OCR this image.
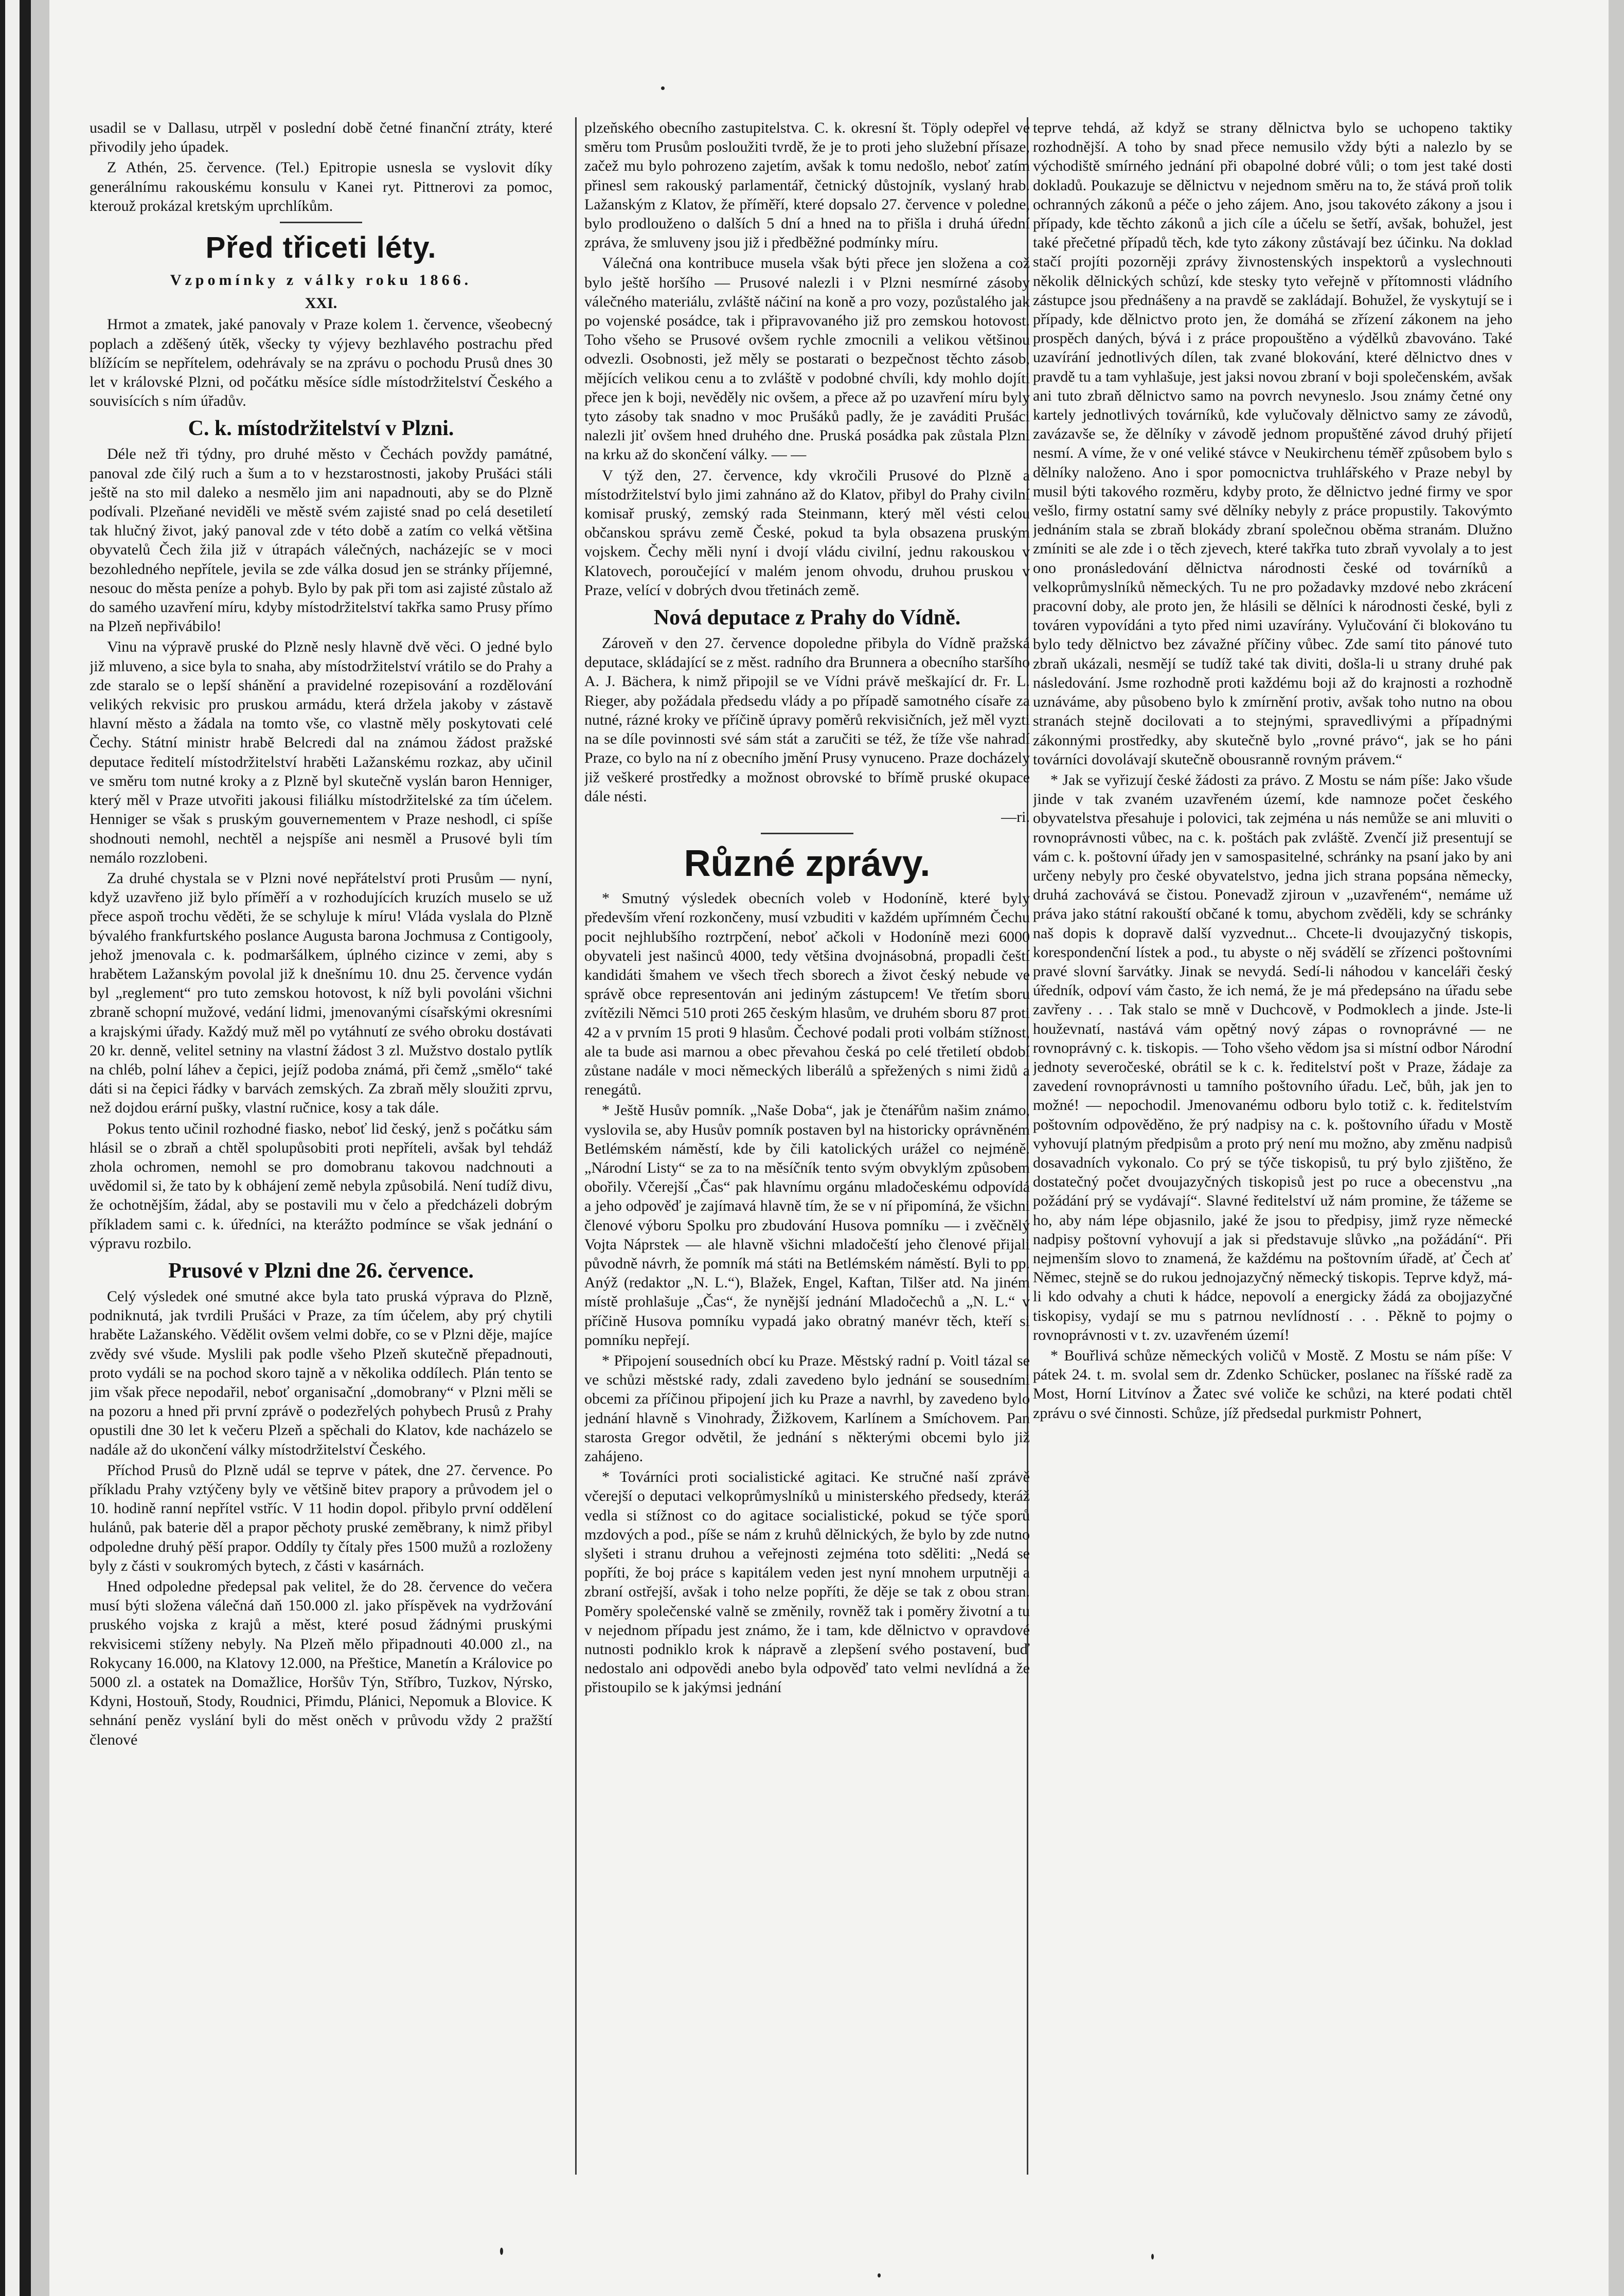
usadil se v Dallasu, utrpěl v poslední době četné finanční ztráty, které přivodily jeho úpadek.

Z Athén, 25. července. (Tel.) Epitropie usnesla se vyslovit díky generálnímu rakouskému konsulu v Kanei ryt. Pittnerovi za pomoc, kterouž prokázal kretským uprchlíkům.

Před třiceti léty.

Vzpomínky z války roku 1866.

XXI.

Hrmot a zmatek, jaké panovaly v Praze kolem 1. července, všeobecný poplach a zděšený útěk, všecky ty výjevy bezhlavého postrachu před blížícím se nepřítelem, odehrávaly se na zprávu o pochodu Prusů dnes 30 let v královské Plzni, od počátku měsíce sídle místodržitelství Českého a souvisících s ním úřadův.

C. k. místodržitelství v Plzni.

Déle než tři týdny, pro druhé město v Čechách povždy památné, panoval zde čilý ruch a šum a to v hezstarostnosti, jakoby Prušáci stáli ještě na sto mil daleko a nesmělo jim ani napadnouti, aby se do Plzně podívali. Plzeňané neviděli ve městě svém zajisté snad po celá desetiletí tak hlučný život, jaký panoval zde v této době a zatím co velká většina obyvatelů Čech žila již v útrapách válečných, nacházejíc se v moci bezohledného nepřítele, jevila se zde válka dosud jen se stránky příjemné, nesouc do města peníze a pohyb. Bylo by pak při tom asi zajisté zůstalo až do samého uzavření míru, kdyby místodržitelství takřka samo Prusy přímo na Plzeň nepřivábilo!

Vinu na výpravě pruské do Plzně nesly hlavně dvě věci. O jedné bylo již mluveno, a sice byla to snaha, aby místodržitelství vrátilo se do Prahy a zde staralo se o lepší shánění a pravidelné rozepisování a rozdělování velikých rekvisic pro pruskou armádu, která držela jakoby v zástavě hlavní město a žádala na tomto vše, co vlastně měly poskytovati celé Čechy. Státní ministr hrabě Belcredi dal na známou žádost pražské deputace ředitelí místodržitelství hraběti Lažanskému rozkaz, aby učinil ve směru tom nutné kroky a z Plzně byl skutečně vyslán baron Henniger, který měl v Praze utvořiti jakousi filiálku místodržitelské za tím účelem. Henniger se však s pruským gouvernementem v Praze neshodl, ci spíše shodnouti nemohl, nechtěl a nejspíše ani nesměl a Prusové byli tím nemálo rozzlobeni.

Za druhé chystala se v Plzni nové nepřátelství proti Prusům — nyní, když uzavřeno již bylo příměří a v rozhodujících kruzích muselo se už přece aspoň trochu věděti, že se schyluje k míru! Vláda vyslala do Plzně bývalého frankfurtského poslance Augusta barona Jochmusa z Contigooly, jehož jmenovala c. k. podmaršálkem, úplného cizince v zemi, aby s hrabětem Lažanským povolal již k dnešnímu 10. dnu 25. července vydán byl „reglement“ pro tuto zemskou hotovost, k níž byli povoláni všichni zbraně schopní mužové, vedání lidmi, jmenovanými císařskými okresními a krajskými úřady. Každý muž měl po vytáhnutí ze svého obroku dostávati 20 kr. denně, velitel setniny na vlastní žádost 3 zl. Mužstvo dostalo pytlík na chléb, polní láhev a čepici, jejíž podoba známá, při čemž „smělo“ také dáti si na čepici řádky v barvách zemských. Za zbraň měly sloužiti zprvu, než dojdou erární pušky, vlastní ručnice, kosy a tak dále.

Pokus tento učinil rozhodné fiasko, neboť lid český, jenž s počátku sám hlásil se o zbraň a chtěl spolupůsobiti proti nepříteli, avšak byl tehdáž zhola ochromen, nemohl se pro domobranu takovou nadchnouti a uvědomil si, že tato by k obhájení země nebyla způsobilá. Není tudíž divu, že ochotnějším, žádal, aby se postavili mu v čelo a předcházeli dobrým příkladem sami c. k. úředníci, na kterážto podmínce se však jednání o výpravu rozbilo.

Prusové v Plzni dne 26. července.

Celý výsledek oné smutné akce byla tato pruská výprava do Plzně, podniknutá, jak tvrdili Prušáci v Praze, za tím účelem, aby prý chytili hraběte Lažanského. Vědělit ovšem velmi dobře, co se v Plzni děje, majíce zvědy své všude. Myslili pak podle všeho Plzeň skutečně přepadnouti, proto vydáli se na pochod skoro tajně a v několika oddílech. Plán tento se jim však přece nepodařil, neboť organisační „domobrany“ v Plzni měli se na pozoru a hned při první zprávě o podezřelých pohybech Prusů z Prahy opustili dne 30 let k večeru Plzeň a spěchali do Klatov, kde nacházelo se nadále až do ukončení války místodržitelství Českého.

Příchod Prusů do Plzně udál se teprve v pátek, dne 27. července. Po příkladu Prahy vztýčeny byly ve většině bitev prapory a průvodem jel o 10. hodině ranní nepřítel vstříc. V 11 hodin dopol. přibylo první oddělení hulánů, pak baterie děl a prapor pěchoty pruské zeměbrany, k nimž přibyl odpoledne druhý pěší prapor. Oddíly ty čítaly přes 1500 mužů a rozloženy byly z části v soukromých bytech, z části v kasárnách.

Hned odpoledne předepsal pak velitel, že do 28. července do večera musí býti složena válečná daň 150.000 zl. jako příspěvek na vydržování pruského vojska z krajů a měst, které posud žádnými pruskými rekvisicemi stíženy nebyly. Na Plzeň mělo připadnouti 40.000 zl., na Rokycany 16.000, na Klatovy 12.000, na Přeštice, Manetín a Královice po 5000 zl. a ostatek na Domažlice, Horšův Týn, Stříbro, Tuzkov, Nýrsko, Kdyni, Hostouň, Stody, Roudnici, Přimdu, Plánici, Nepomuk a Blovice. K sehnání peněz vyslání byli do měst oněch v průvodu vždy 2 pražští členové

plzeňského obecního zastupitelstva. C. k. okresní št. Töply odepřel ve směru tom Prusům posloužiti tvrdě, že je to proti jeho služební přísaze, začež mu bylo pohrozeno zajetím, avšak k tomu nedošlo, neboť zatím přinesl sem rakouský parlamentář, četnický důstojník, vyslaný hrab. Lažanským z Klatov, že příměří, které dopsalo 27. července v poledne, bylo prodlouženo o dalších 5 dní a hned na to přišla i druhá úřední zpráva, že smluveny jsou již i předběžné podmínky míru.

Válečná ona kontribuce musela však býti přece jen složena a což bylo ještě horšího — Prusové nalezli i v Plzni nesmírné zásoby válečného materiálu, zvláště náčiní na koně a pro vozy, pozůstalého jak po vojenské posádce, tak i připravovaného již pro zemskou hotovost. Toho všeho se Prusové ovšem rychle zmocnili a velikou většinou odvezli. Osobnosti, jež měly se postarati o bezpečnost těchto zásob, mějících velikou cenu a to zvláště v podobné chvíli, kdy mohlo dojíti přece jen k boji, nevěděly nic ovšem, a přece až po uzavření míru byly tyto zásoby tak snadno v moc Prušáků padly, že je zaváditi Prušáci nalezli jiť ovšem hned druhého dne. Pruská posádka pak zůstala Plzni na krku až do skončení války. — —

V týž den, 27. července, kdy vkročili Prusové do Plzně a místodržitelství bylo jimi zahnáno až do Klatov, přibyl do Prahy civilní komisař pruský, zemský rada Steinmann, který měl vésti celou občanskou správu země České, pokud ta byla obsazena pruským vojskem. Čechy měli nyní i dvojí vládu civilní, jednu rakouskou v Klatovech, poroučející v malém jenom ohvodu, druhou pruskou v Praze, velící v dobrých dvou třetinách země.

Nová deputace z Prahy do Vídně.

Zároveň v den 27. července dopoledne přibyla do Vídně pražská deputace, skládající se z měst. radního dra Brunnera a obecního staršího A. J. Bächera, k nimž připojil se ve Vídni právě meškající dr. Fr. L. Rieger, aby požádala předsedu vlády a po případě samotného císaře za nutné, rázné kroky ve příčině úpravy poměrů rekvisičních, jež měl vyzti na se díle povinnosti své sám stát a zaručiti se též, že tíže vše nahradí Praze, co bylo na ní z obecního jmění Prusy vynuceno. Praze docházely již veškeré prostředky a možnost obrovské to břímě pruské okupace dále nésti.

—ri.

Různé zprávy.

* Smutný výsledek obecních voleb v Hodoníně, které byly především vření rozkončeny, musí vzbuditi v každém upřímném Čechu pocit nejhlubšího roztrpčení, neboť ačkoli v Hodoníně mezi 6000 obyvateli jest našinců 4000, tedy většina dvojnásobná, propadli čeští kandidáti šmahem ve všech třech sborech a život český nebude ve správě obce representován ani jediným zástupcem! Ve třetím sboru zvítězili Němci 510 proti 265 českým hlasům, ve druhém sboru 87 proti 42 a v prvním 15 proti 9 hlasům. Čechové podali proti volbám stížnost, ale ta bude asi marnou a obec převahou česká po celé třetiletí období zůstane nadále v moci německých liberálů a spřežených s nimi židů a renegátů.

* Ještě Husův pomník. „Naše Doba“, jak je čtenářům našim známo, vyslovila se, aby Husův pomník postaven byl na historicky oprávněném Betlémském náměstí, kde by čili katolických urážel co nejméně. „Národní Listy“ se za to na měsíčník tento svým obvyklým způsobem obořily. Včerejší „Čas“ pak hlavnímu orgánu mladočeskému odpovídá a jeho odpověď je zajímavá hlavně tím, že se v ní připomíná, že všichni členové výboru Spolku pro zbudování Husova pomníku — i zvěčnělý Vojta Náprstek — ale hlavně všichni mladočeští jeho členové přijali původně návrh, že pomník má státi na Betlémském náměstí. Byli to pp. Anýž (redaktor „N. L.“), Blažek, Engel, Kaftan, Tilšer atd. Na jiném místě prohlašuje „Čas“, že nynější jednání Mladočechů a „N. L.“ v příčině Husova pomníku vypadá jako obratný manévr těch, kteří si pomníku nepřejí.

* Připojení sousedních obcí ku Praze. Městský radní p. Voitl tázal se ve schůzi městské rady, zdali zavedeno bylo jednání se sousedními obcemi za příčinou připojení jich ku Praze a navrhl, by zavedeno bylo jednání hlavně s Vinohrady, Žižkovem, Karlínem a Smíchovem. Pan starosta Gregor odvětil, že jednání s některými obcemi bylo již zahájeno.

* Továrníci proti socialistické agitaci. Ke stručné naší zprávě včerejší o deputaci velkoprůmyslníků u ministerského předsedy, kteráž vedla si stížnost co do agitace socialistické, pokud se týče sporů mzdových a pod., píše se nám z kruhů dělnických, že bylo by zde nutno slyšeti i stranu druhou a veřejnosti zejména toto sděliti: „Nedá se popříti, že boj práce s kapitálem veden jest nyní mnohem urputněji a zbraní ostřejší, avšak i toho nelze popříti, že děje se tak z obou stran. Poměry společenské valně se změnily, rovněž tak i poměry životní a tu v nejednom případu jest známo, že i tam, kde dělnictvo v opravdové nutnosti podniklo krok k nápravě a zlepšení svého postavení, buď nedostalo ani odpovědi anebo byla odpověď tato velmi nevlídná a že přistoupilo se k jakýmsi jednání

teprve tehdá, až když se strany dělnictva bylo se uchopeno taktiky rozhodnější. A toho by snad přece nemusilo vždy býti a nalezlo by se východiště smírného jednání při obapolné dobré vůli; o tom jest také dosti dokladů. Poukazuje se dělnictvu v nejednom směru na to, že stává proň tolik ochranných zákonů a péče o jeho zájem. Ano, jsou takovéto zákony a jsou i případy, kde těchto zákonů a jich cíle a účelu se šetří, avšak, bohužel, jest také přečetné případů těch, kde tyto zákony zůstávají bez účinku. Na doklad stačí projíti pozorněji zprávy živnostenských inspektorů a vyslechnouti několik dělnických schůzí, kde stesky tyto veřejně v přítomnosti vládního zástupce jsou přednášeny a na pravdě se zakládají. Bohužel, že vyskytují se i případy, kde dělnictvo proto jen, že domáhá se zřízení zákonem na jeho prospěch daných, bývá i z práce propouštěno a výdělků zbavováno. Také uzavírání jednotlivých dílen, tak zvané blokování, které dělnictvo dnes v pravdě tu a tam vyhlašuje, jest jaksi novou zbraní v boji společenském, avšak ani tuto zbraň dělnictvo samo na povrch nevyneslo. Jsou známy četné ony kartely jednotlivých továrníků, kde vylučovaly dělnictvo samy ze závodů, zavázavše se, že dělníky v závodě jednom propuštěné závod druhý přijetí nesmí. A víme, že v oné veliké stávce v Neukirchenu téměř způsobem bylo s dělníky naloženo. Ano i spor pomocnictva truhlářského v Praze nebyl by musil býti takového rozměru, kdyby proto, že dělnictvo jedné firmy ve spor vešlo, firmy ostatní samy své dělníky nebyly z práce propustily. Takovýmto jednáním stala se zbraň blokády zbraní společnou oběma stranám. Dlužno zmíniti se ale zde i o těch zjevech, které takřka tuto zbraň vyvolaly a to jest ono pronásledování dělnictva národnosti české od továrníků a velkoprůmyslníků německých. Tu ne pro požadavky mzdové nebo zkrácení pracovní doby, ale proto jen, že hlásili se dělníci k národnosti české, byli z továren vypovídáni a tyto před nimi uzavírány. Vylučování či blokováno tu bylo tedy dělnictvo bez závažné příčiny vůbec. Zde samí tito pánové tuto zbraň ukázali, nesmějí se tudíž také tak diviti, došla-li u strany druhé pak následování. Jsme rozhodně proti každému boji až do krajnosti a rozhodně uznáváme, aby působeno bylo k zmírnění protiv, avšak toho nutno na obou stranách stejně docilovati a to stejnými, spravedlivými a případnými zákonnými prostředky, aby skutečně bylo „rovné právo“, jak se ho páni továrníci dovolávají skutečně obousranně rovným právem.“

* Jak se vyřizují české žádosti za právo. Z Mostu se nám píše: Jako všude jinde v tak zvaném uzavřeném území, kde namnoze počet českého obyvatelstva přesahuje i polovici, tak zejména u nás nemůže se ani mluviti o rovnoprávnosti vůbec, na c. k. poštách pak zvláště. Zvenčí již presentují se vám c. k. poštovní úřady jen v samospasitelné, schránky na psaní jako by ani určeny nebyly pro české obyvatelstvo, jedna jich strana popsána německy, druhá zachovává se čistou. Ponevadž zjiroun v „uzavřeném“, nemáme už práva jako státní rakouští občané k tomu, abychom zvěděli, kdy se schránky naš dopis k dopravě další vyzvednut... Chcete-li dvoujazyčný tiskopis, korespondenční lístek a pod., tu abyste o něj svádělí se zřízenci poštovními pravé slovní šarvátky. Jinak se nevydá. Sedí-li náhodou v kanceláři český úředník, odpoví vám často, že ich nemá, že je má předepsáno na úřadu sebe zavřeny . . . Tak stalo se mně v Duchcově, v Podmoklech a jinde. Jste-li houževnatí, nastává vám opětný nový zápas o rovnoprávné — ne rovnoprávný c. k. tiskopis. — Toho všeho vědom jsa si místní odbor Národní jednoty severočeské, obrátil se k c. k. ředitelství pošt v Praze, žádaje za zavedení rovnoprávnosti u tamního poštovního úřadu. Leč, bůh, jak jen to možné! — nepochodil. Jmenovanému odboru bylo totiž c. k. ředitelstvím poštovním odpověděno, že prý nadpisy na c. k. poštovního úřadu v Mostě vyhovují platným předpisům a proto prý není mu možno, aby změnu nadpisů dosavadních vykonalo. Co prý se týče tiskopisů, tu prý bylo zjištěno, že dostatečný počet dvoujazyčných tiskopisů jest po ruce a obecenstvu „na požádání prý se vydávají“. Slavné ředitelství už nám promine, že tážeme se ho, aby nám lépe objasnilo, jaké že jsou to předpisy, jimž ryze německé nadpisy poštovní vyhovují a jak si představuje slůvko „na požádání“. Při nejmenším slovo to znamená, že každému na poštovním úřadě, ať Čech ať Němec, stejně se do rukou jednojazyčný německý tiskopis. Teprve když, má-li kdo odvahy a chuti k hádce, nepovolí a energicky žádá za obojjazyčné tiskopisy, vydají se mu s patrnou nevlídností . . . Pěkně to pojmy o rovnoprávnosti v t. zv. uzavřeném území!

* Bouřlivá schůze německých voličů v Mostě. Z Mostu se nám píše: V pátek 24. t. m. svolal sem dr. Zdenko Schücker, poslanec na říšské radě za Most, Horní Litvínov a Žatec své voliče ke schůzi, na které podati chtěl zprávu o své činnosti. Schůze, jíž předsedal purkmistr Pohnert,
